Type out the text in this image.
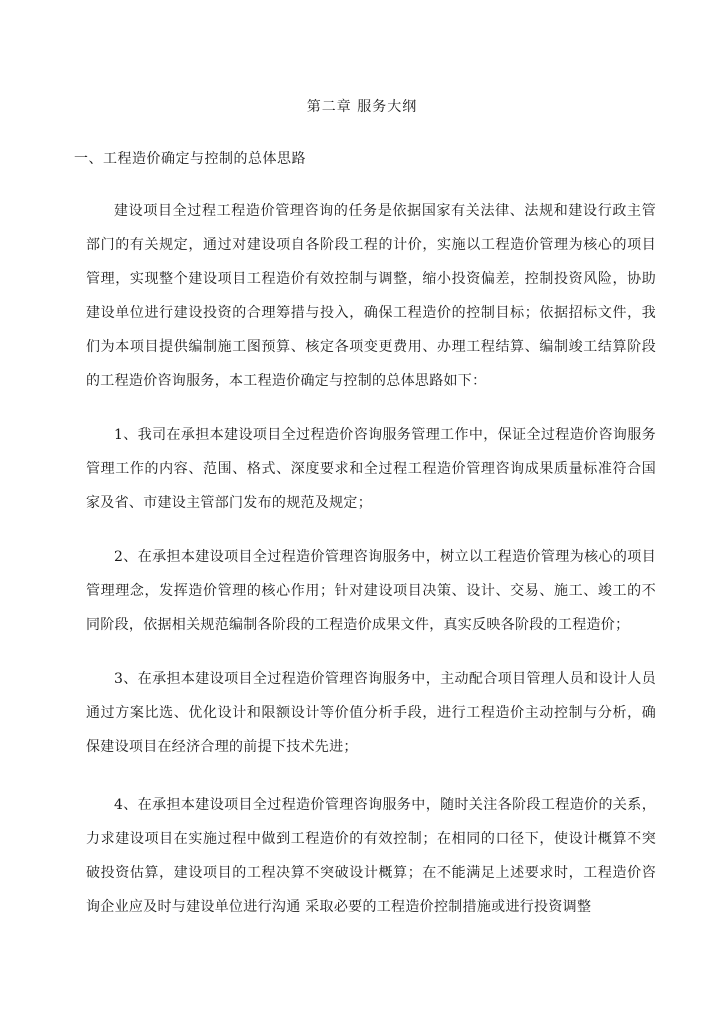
第二章 服务大纲
一、工程造价确定与控制的总体思路

建设项目全过程工程造价管理咨询的任务是依据国家有关法律、法规和建设行政主管部门的有关规定，通过对建设项自各阶段工程的计价，实施以工程造价管理为核心的项目管理，实现整个建设项目工程造价有效控制与调整，缩小投资偏差，控制投资风险，协助建设单位进行建设投资的合理筹措与投入，确保工程造价的控制目标；依据招标文件，我们为本项目提供编制施工图预算、核定各项变更费用、办理工程结算、编制竣工结算阶段的工程造价咨询服务，本工程造价确定与控制的总体思路如下：

1、我司在承担本建设项目全过程造价咨询服务管理工作中，保证全过程造价咨询服务管理工作的内容、范围、格式、深度要求和全过程工程造价管理咨询成果质量标准符合国家及省、市建设主管部门发布的规范及规定；

2、在承担本建设项目全过程造价管理咨询服务中，树立以工程造价管理为核心的项目管理理念，发挥造价管理的核心作用；针对建设项目决策、设计、交易、施工、竣工的不同阶段，依据相关规范编制各阶段的工程造价成果文件，真实反映各阶段的工程造价；

3、在承担本建设项目全过程造价管理咨询服务中，主动配合项目管理人员和设计人员通过方案比选、优化设计和限额设计等价值分析手段，进行工程造价主动控制与分析，确保建设项目在经济合理的前提下技术先进；

4、在承担本建设项目全过程造价管理咨询服务中，随时关注各阶段工程造价的关系，力求建设项目在实施过程中做到工程造价的有效控制；在相同的口径下，使设计概算不突破投资估算，建设项目的工程决算不突破设计概算；在不能满足上述要求时，工程造价咨询企业应及时与建设单位进行沟通 采取必要的工程造价控制措施或进行投资调整
